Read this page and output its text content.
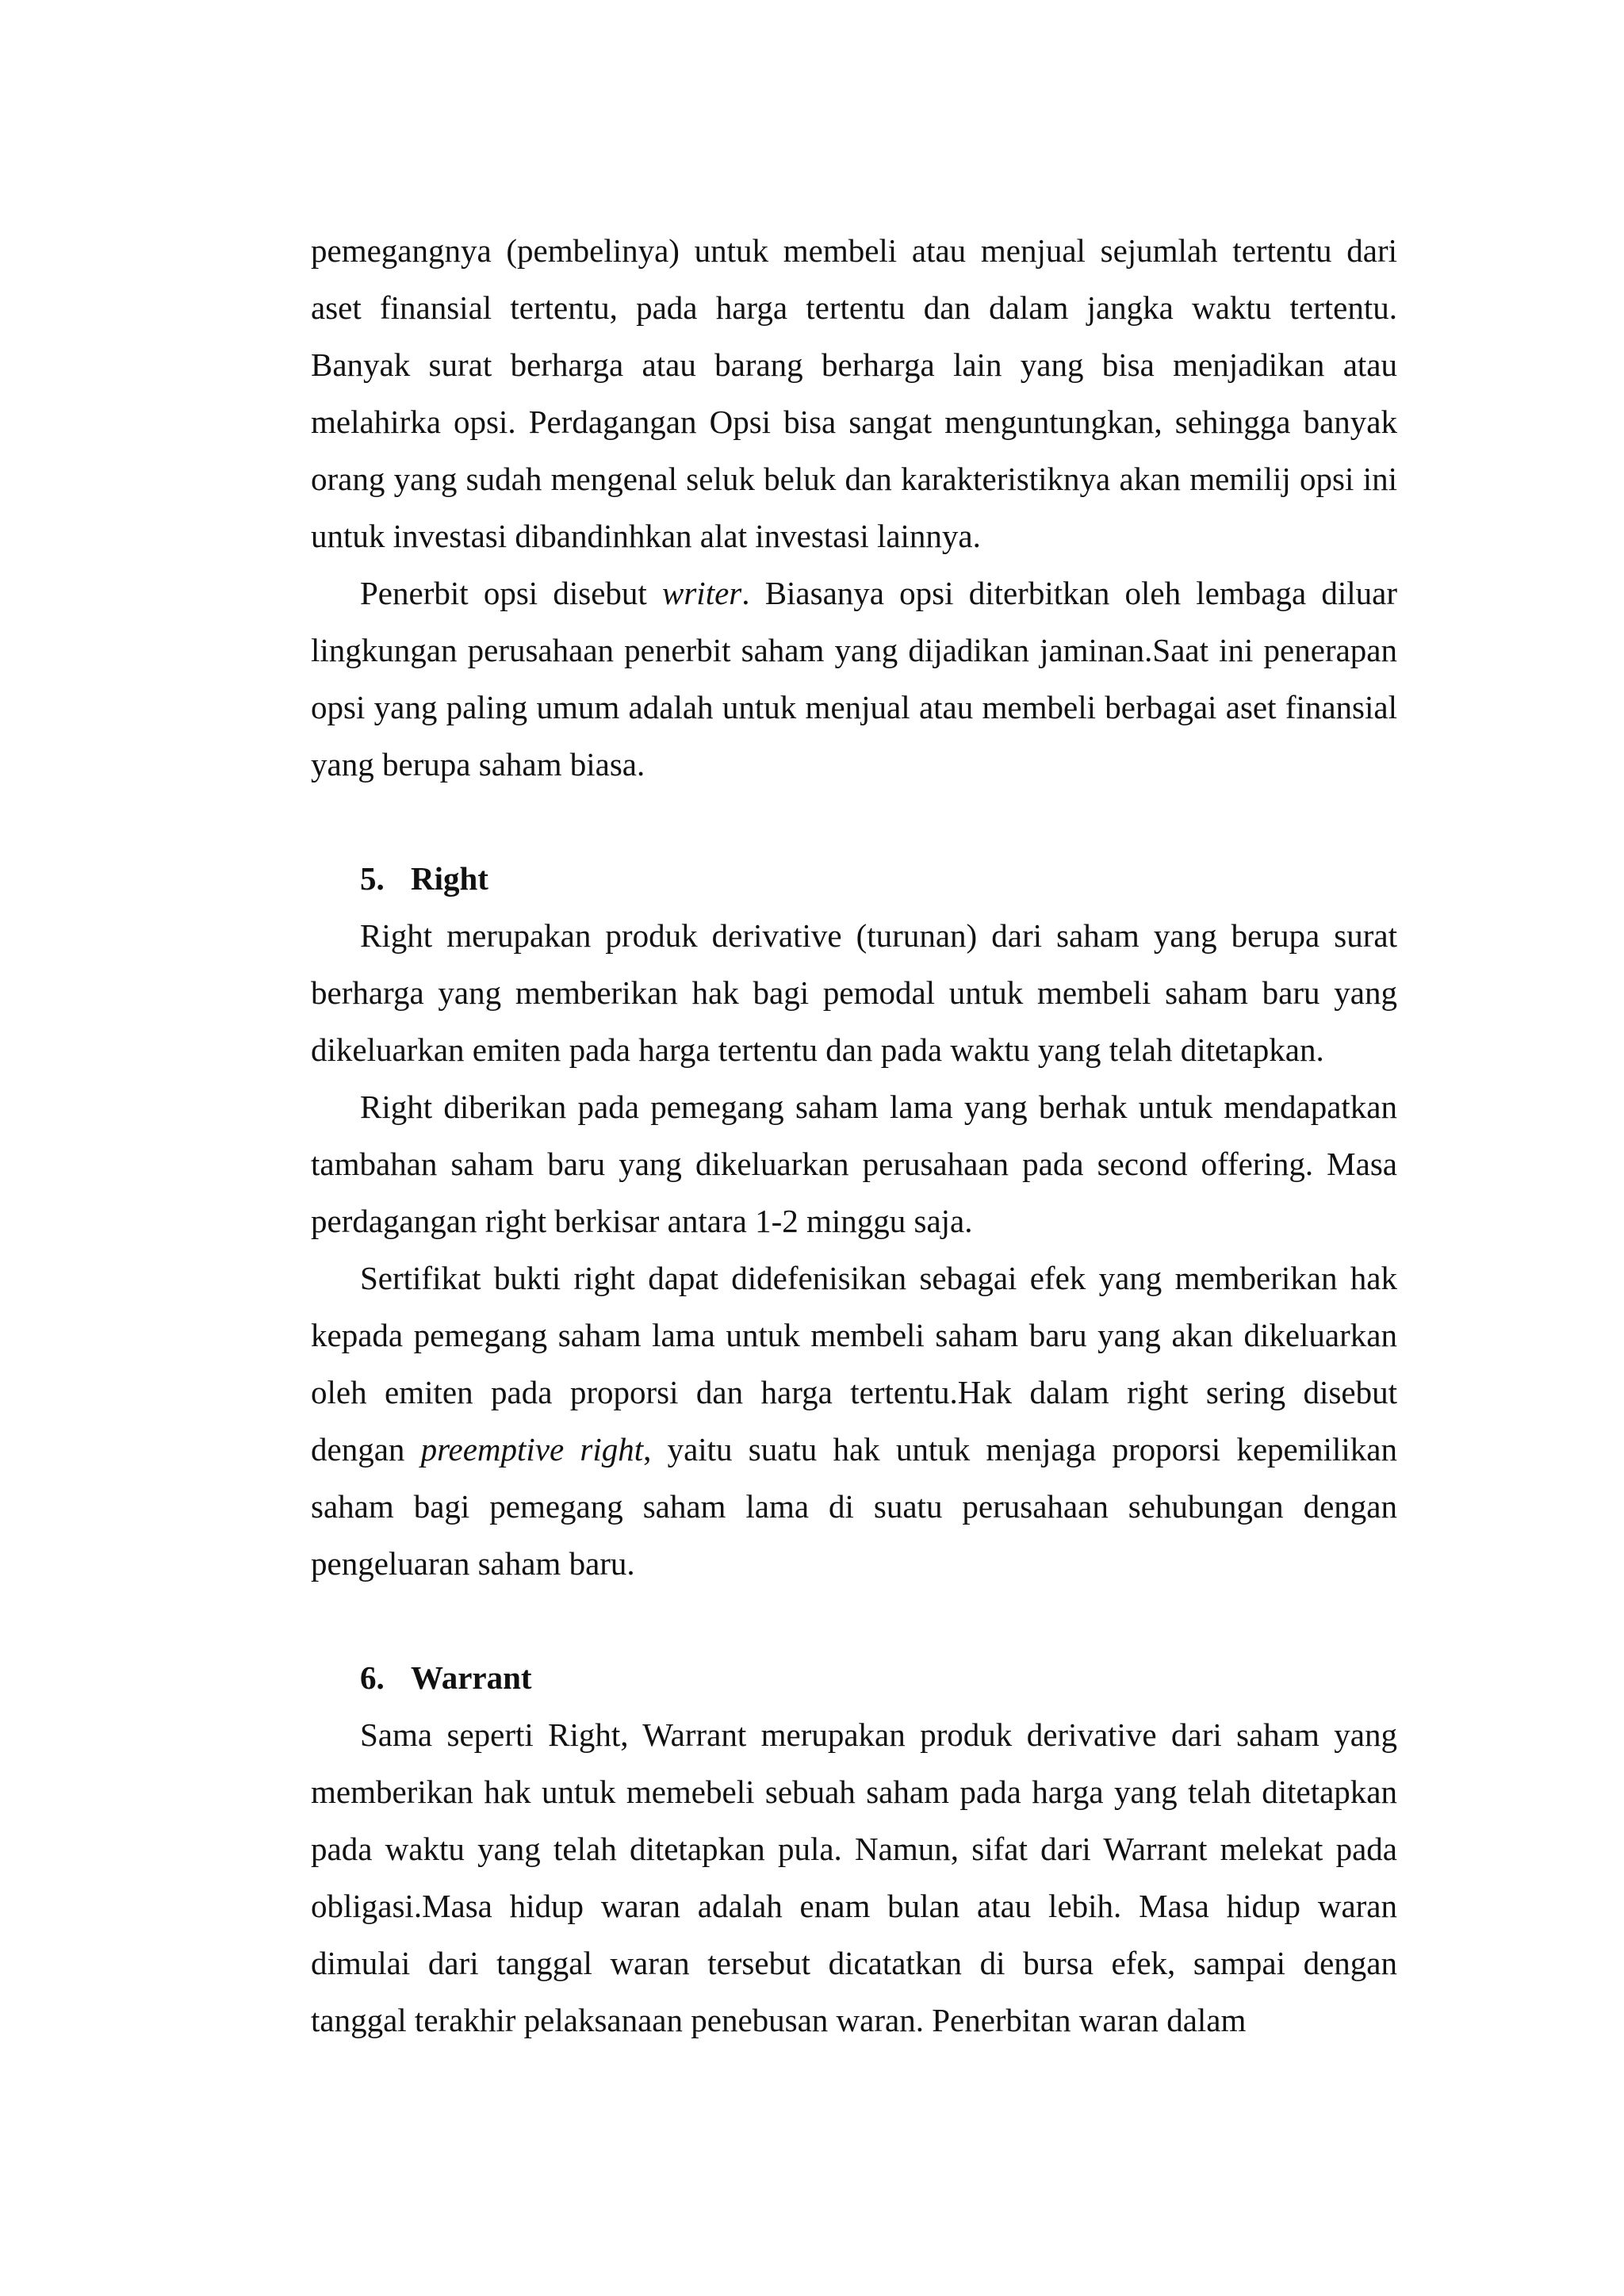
pemegangnya (pembelinya) untuk membeli atau menjual sejumlah tertentu dari aset finansial tertentu, pada harga tertentu dan dalam jangka waktu tertentu. Banyak surat berharga atau barang berharga lain yang bisa menjadikan atau melahirka opsi. Perdagangan Opsi bisa sangat menguntungkan, sehingga banyak orang yang sudah mengenal seluk beluk dan karakteristiknya akan memilij opsi ini untuk investasi dibandinhkan alat investasi lainnya.

Penerbit opsi disebut writer. Biasanya opsi diterbitkan oleh lembaga diluar lingkungan perusahaan penerbit saham yang dijadikan jaminan.Saat ini penerapan opsi yang paling umum adalah untuk menjual atau membeli berbagai aset finansial yang berupa saham biasa.

5. Right

Right merupakan produk derivative (turunan) dari saham yang berupa surat berharga yang memberikan hak bagi pemodal untuk membeli saham baru yang dikeluarkan emiten pada harga tertentu dan pada waktu yang telah ditetapkan.

Right diberikan pada pemegang saham lama yang berhak untuk mendapatkan tambahan saham baru yang dikeluarkan perusahaan pada second offering. Masa perdagangan right berkisar antara 1-2 minggu saja.

Sertifikat bukti right dapat didefenisikan sebagai efek yang memberikan hak kepada pemegang saham lama untuk membeli saham baru yang akan dikeluarkan oleh emiten pada proporsi dan harga tertentu.Hak dalam right sering disebut dengan preemptive right, yaitu suatu hak untuk menjaga proporsi kepemilikan saham bagi pemegang saham lama di suatu perusahaan sehubungan dengan pengeluaran saham baru.

6. Warrant

Sama seperti Right, Warrant merupakan produk derivative dari saham yang memberikan hak untuk memebeli sebuah saham pada harga yang telah ditetapkan pada waktu yang telah ditetapkan pula. Namun, sifat dari Warrant melekat pada obligasi.Masa hidup waran adalah enam bulan atau lebih. Masa hidup waran dimulai dari tanggal waran tersebut dicatatkan di bursa efek, sampai dengan tanggal terakhir pelaksanaan penebusan waran. Penerbitan waran dalam
